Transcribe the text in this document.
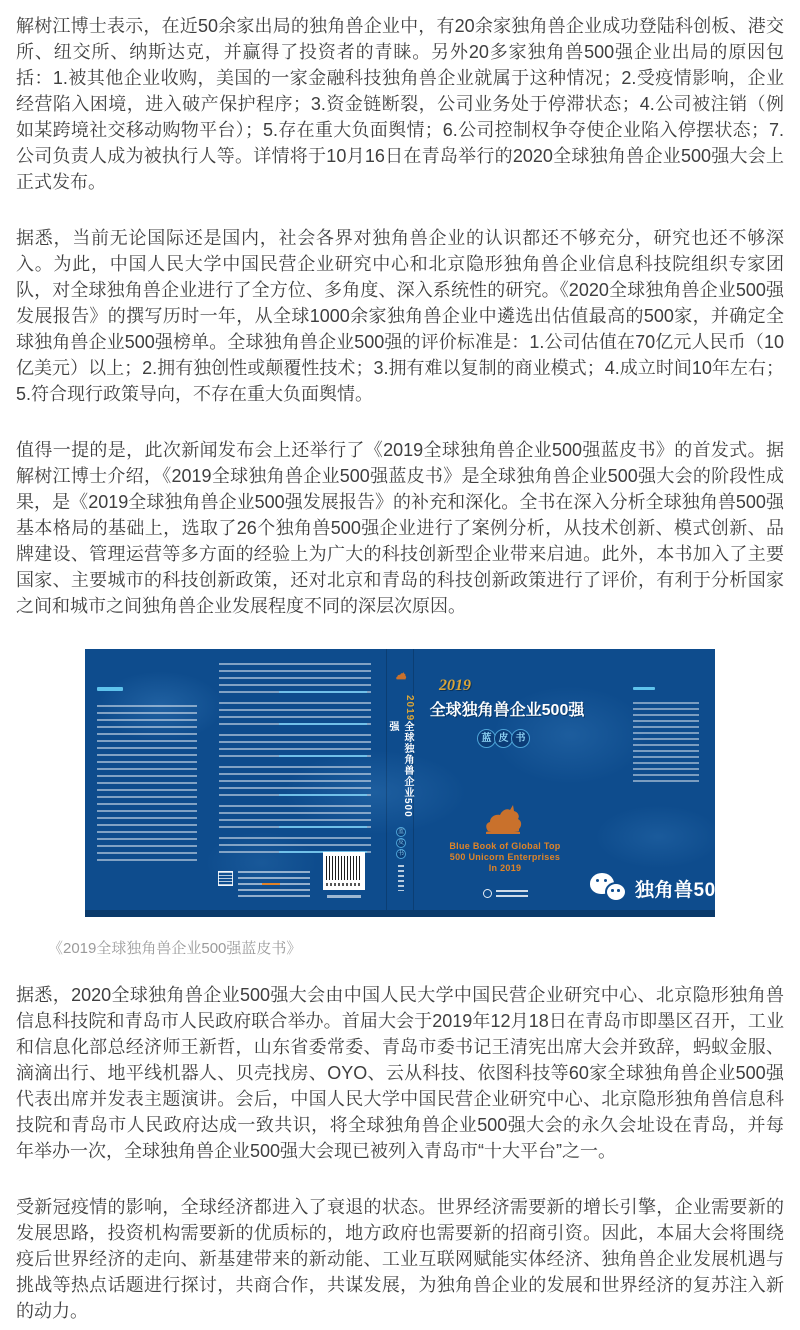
解树江博士表示，在近50余家出局的独角兽企业中，有20余家独角兽企业成功登陆科创板、港交所、纽交所、纳斯达克，并赢得了投资者的青睐。另外20多家独角兽500强企业出局的原因包括：1.被其他企业收购，美国的一家金融科技独角兽企业就属于这种情况；2.受疫情影响，企业经营陷入困境，进入破产保护程序；3.资金链断裂，公司业务处于停滞状态；4.公司被注销（例如某跨境社交移动购物平台）；5.存在重大负面舆情；6.公司控制权争夺使企业陷入停摆状态；7.公司负责人成为被执行人等。详情将于10月16日在青岛举行的2020全球独角兽企业500强大会上正式发布。

据悉，当前无论国际还是国内，社会各界对独角兽企业的认识都还不够充分，研究也还不够深入。为此，中国人民大学中国民营企业研究中心和北京隐形独角兽企业信息科技院组织专家团队，对全球独角兽企业进行了全方位、多角度、深入系统性的研究。《2020全球独角兽企业500强发展报告》的撰写历时一年，从全球1000余家独角兽企业中遴选出估值最高的500家，并确定全球独角兽企业500强榜单。全球独角兽企业500强的评价标准是：1.公司估值在70亿元人民币（10亿美元）以上；2.拥有独创性或颠覆性技术；3.拥有难以复制的商业模式；4.成立时间10年左右；5.符合现行政策导向，不存在重大负面舆情。

值得一提的是，此次新闻发布会上还举行了《2019全球独角兽企业500强蓝皮书》的首发式。据解树江博士介绍，《2019全球独角兽企业500强蓝皮书》是全球独角兽企业500强大会的阶段性成果，是《2019全球独角兽企业500强发展报告》的补充和深化。全书在深入分析全球独角兽500强基本格局的基础上，选取了26个独角兽500强企业进行了案例分析，从技术创新、模式创新、品牌建设、管理运营等多方面的经验上为广大的科技创新型企业带来启迪。此外，本书加入了主要国家、主要城市的科技创新政策，还对北京和青岛的科技创新政策进行了评价，有利于分析国家之间和城市之间独角兽企业发展程度不同的深层次原因。

2019
全球独角兽企业500强
蓝
皮
书
2019
全球独角兽企业500强
蓝 皮 书
Blue Book of Global Top
500 Unicorn Enterprises
In 2019
独角兽500强
《2019全球独角兽企业500强蓝皮书》

据悉，2020全球独角兽企业500强大会由中国人民大学中国民营企业研究中心、北京隐形独角兽信息科技院和青岛市人民政府联合举办。首届大会于2019年12月18日在青岛市即墨区召开，工业和信息化部总经济师王新哲，山东省委常委、青岛市委书记王清宪出席大会并致辞，蚂蚁金服、滴滴出行、地平线机器人、贝壳找房、OYO、云从科技、依图科技等60家全球独角兽企业500强代表出席并发表主题演讲。会后，中国人民大学中国民营企业研究中心、北京隐形独角兽信息科技院和青岛市人民政府达成一致共识，将全球独角兽企业500强大会的永久会址设在青岛，并每年举办一次，全球独角兽企业500强大会现已被列入青岛市“十大平台”之一。

受新冠疫情的影响，全球经济都进入了衰退的状态。世界经济需要新的增长引擎，企业需要新的发展思路，投资机构需要新的优质标的，地方政府也需要新的招商引资。因此，本届大会将围绕疫后世界经济的走向、新基建带来的新动能、工业互联网赋能实体经济、独角兽企业发展机遇与挑战等热点话题进行探讨，共商合作，共谋发展，为独角兽企业的发展和世界经济的复苏注入新的动力。
